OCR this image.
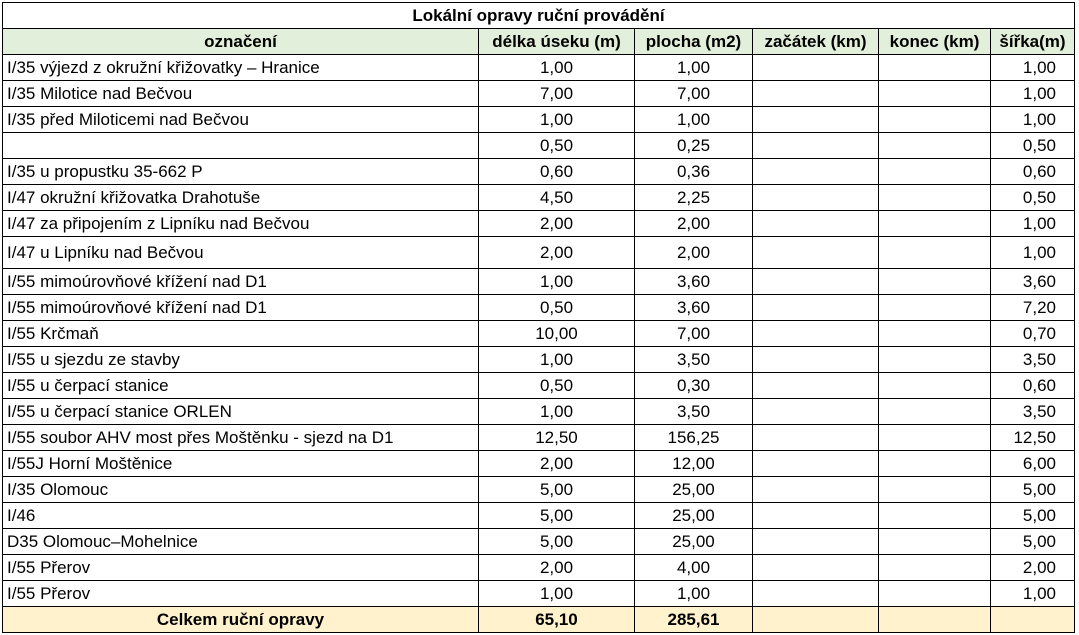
Lokální opravy ruční provádění					
označení	délka úseku (m)	plocha (m2)	začátek (km)	konec (km)	šířka(m)
I/35 výjezd z okružní křižovatky – Hranice	1,00	1,00			1,00
I/35 Milotice nad Bečvou	7,00	7,00			1,00
I/35 před Miloticemi nad Bečvou	1,00	1,00			1,00
	0,50	0,25			0,50
I/35 u propustku 35-662 P	0,60	0,36			0,60
I/47 okružní křižovatka Drahotuše	4,50	2,25			0,50
I/47 za připojením z Lipníku nad Bečvou	2,00	2,00			1,00
I/47 u Lipníku nad Bečvou	2,00	2,00			1,00
I/55 mimoúrovňové křížení nad D1	1,00	3,60			3,60
I/55 mimoúrovňové křížení nad D1	0,50	3,60			7,20
I/55 Krčmaň	10,00	7,00			0,70
I/55 u sjezdu ze stavby	1,00	3,50			3,50
I/55 u čerpací stanice	0,50	0,30			0,60
I/55 u čerpací stanice ORLEN	1,00	3,50			3,50
I/55 soubor AHV most přes Moštěnku - sjezd na D1	12,50	156,25			12,50
I/55J Horní Moštěnice	2,00	12,00			6,00
I/35 Olomouc	5,00	25,00			5,00
I/46	5,00	25,00			5,00
D35 Olomouc–Mohelnice	5,00	25,00			5,00
I/55 Přerov	2,00	4,00			2,00
I/55 Přerov	1,00	1,00			1,00
Celkem ruční opravy	65,10	285,61			
